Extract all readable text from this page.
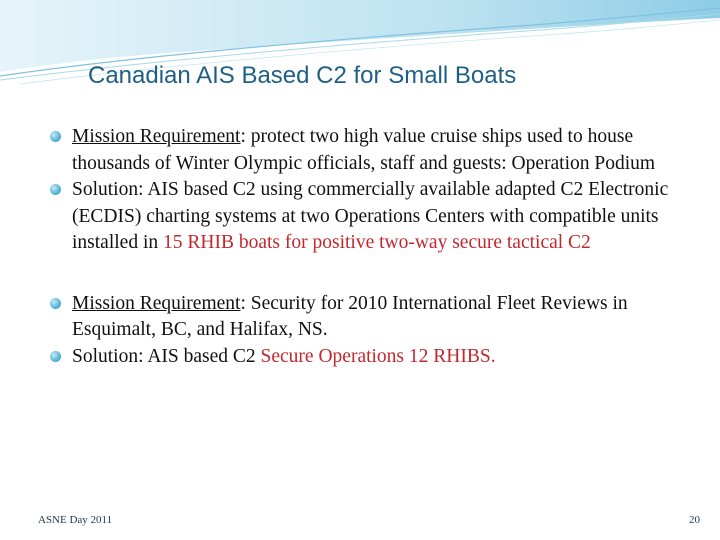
Canadian AIS Based C2 for Small Boats

Mission Requirement: protect two high value cruise ships used to house thousands of Winter Olympic officials, staff and guests: Operation Podium

Solution: AIS based C2 using commercially available adapted C2 Electronic (ECDIS) charting systems at two Operations Centers with compatible units installed in 15 RHIB boats for positive two-way secure tactical C2

Mission Requirement: Security for 2010 International Fleet Reviews in Esquimalt, BC, and Halifax, NS.

Solution: AIS based C2 Secure Operations 12 RHIBS.

ASNE Day 2011	20
